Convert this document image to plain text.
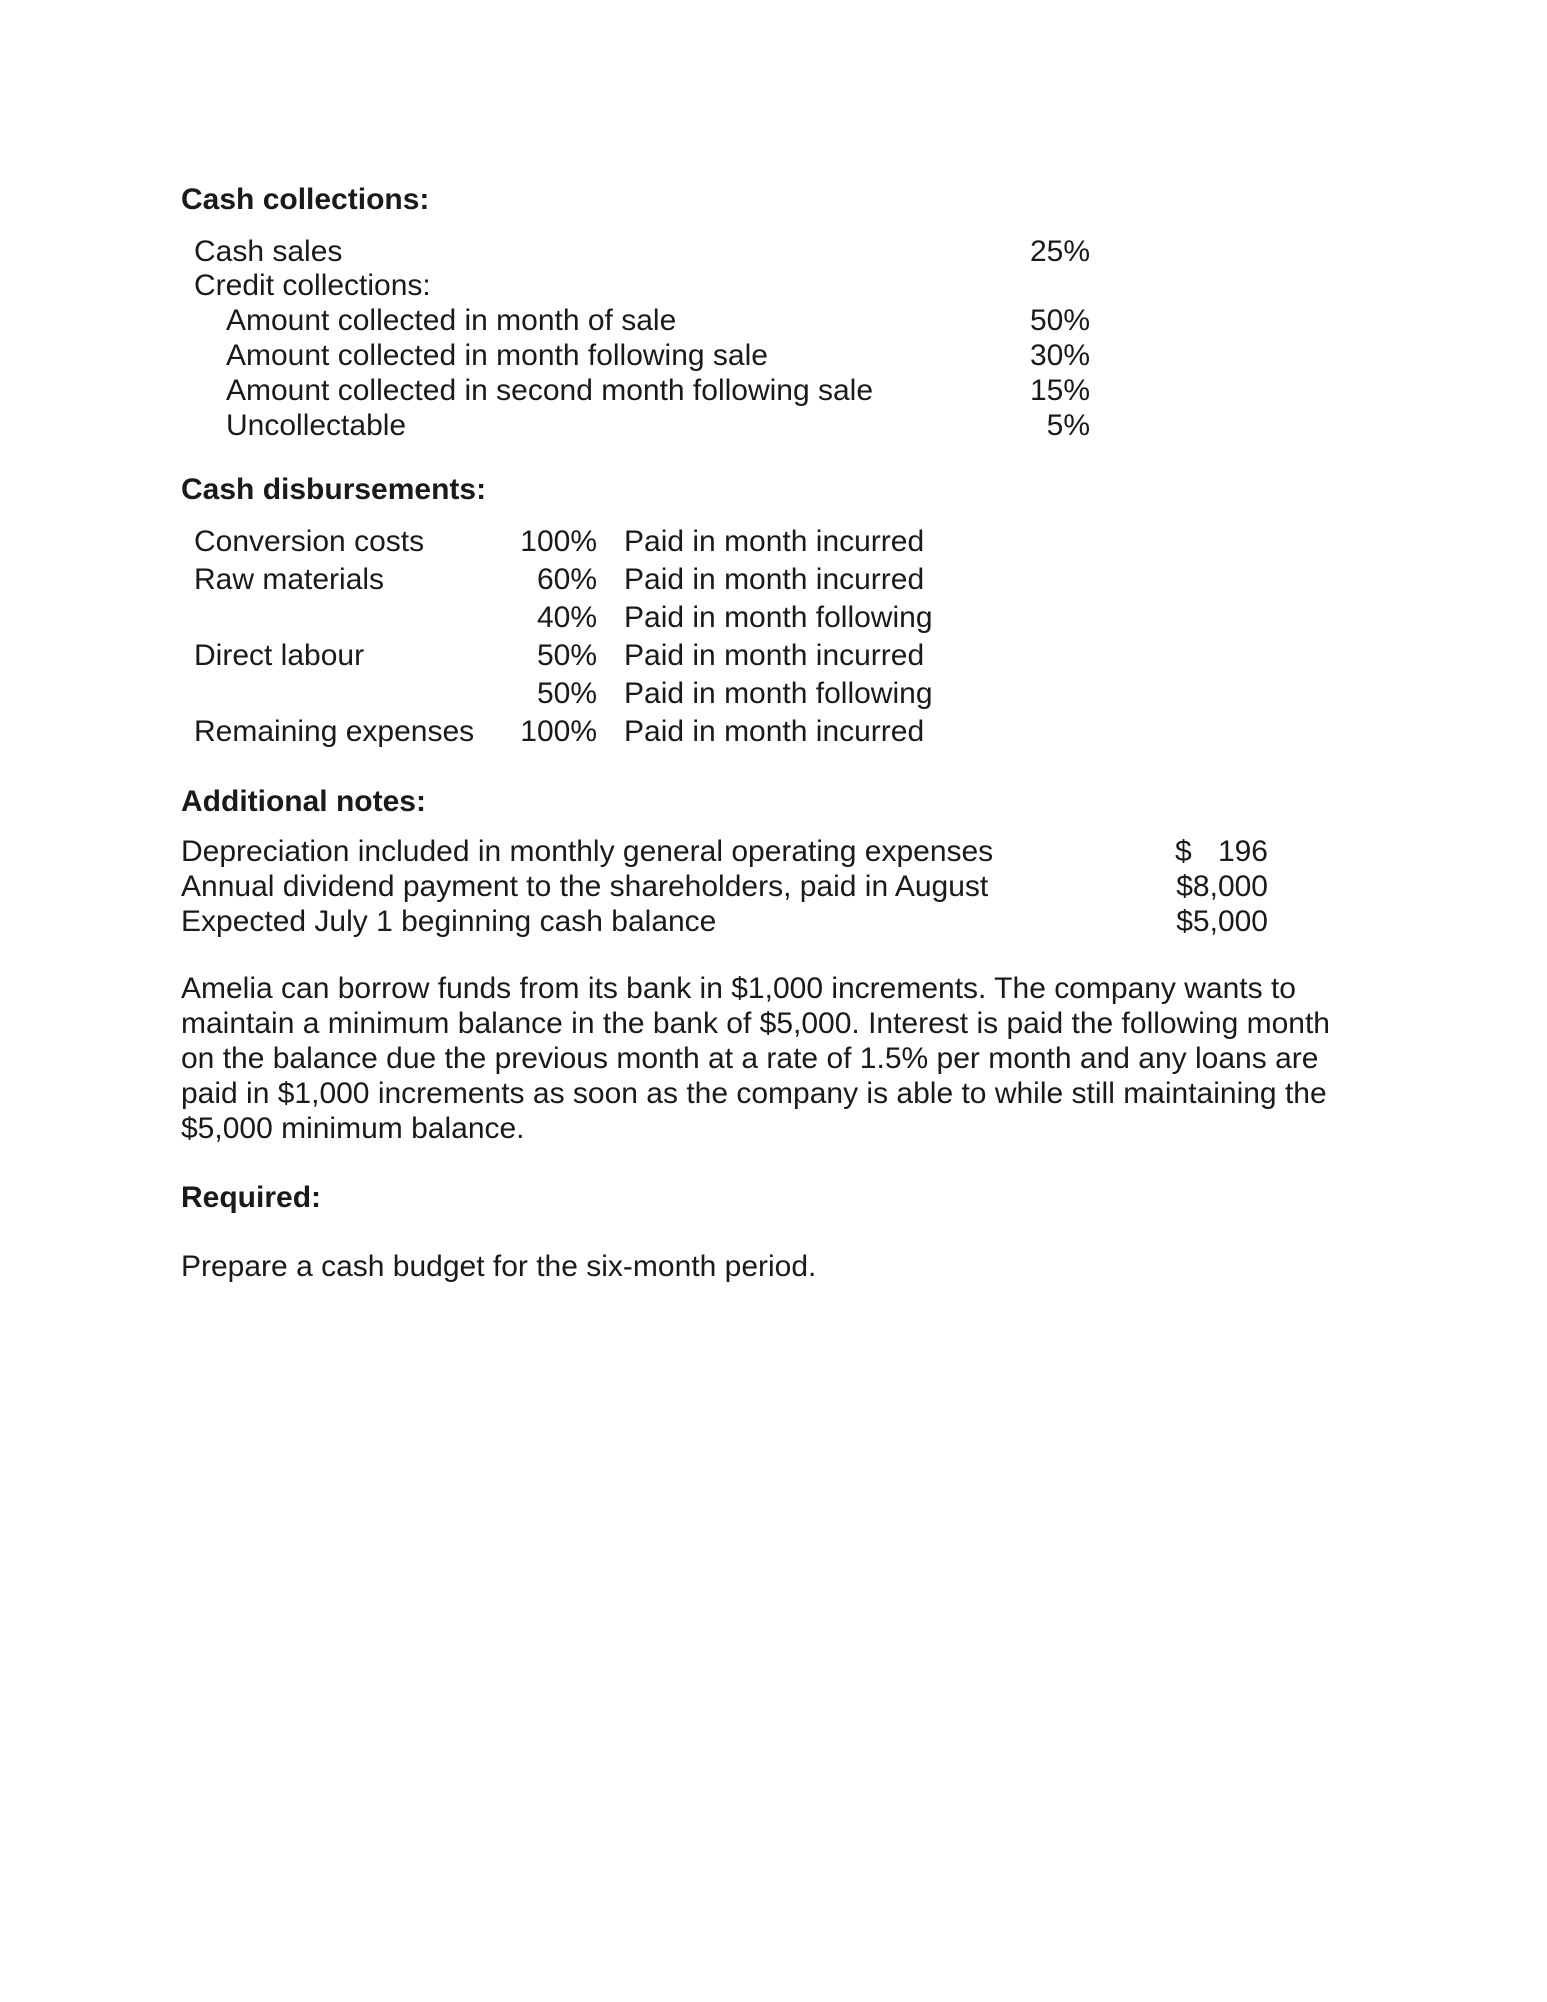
Cash collections:
Cash sales	25%
Credit collections:
Amount collected in month of sale	50%
Amount collected in month following sale	30%
Amount collected in second month following sale	15%
Uncollectable	5%
Cash disbursements:
Conversion costs	100% Paid in month incurred
Raw materials	60% Paid in month incurred
40% Paid in month following
Direct labour	50% Paid in month incurred
50% Paid in month following
Remaining expenses	100% Paid in month incurred
Additional notes:
Depreciation included in monthly general operating expenses	$ 196
Annual dividend payment to the shareholders, paid in August	$8,000
Expected July 1 beginning cash balance	$5,000
Amelia can borrow funds from its bank in $1,000 increments. The company wants to
maintain a minimum balance in the bank of $5,000. Interest is paid the following month
on the balance due the previous month at a rate of 1.5% per month and any loans are
paid in $1,000 increments as soon as the company is able to while still maintaining the
$5,000 minimum balance.
Required:
Prepare a cash budget for the six-month period.
